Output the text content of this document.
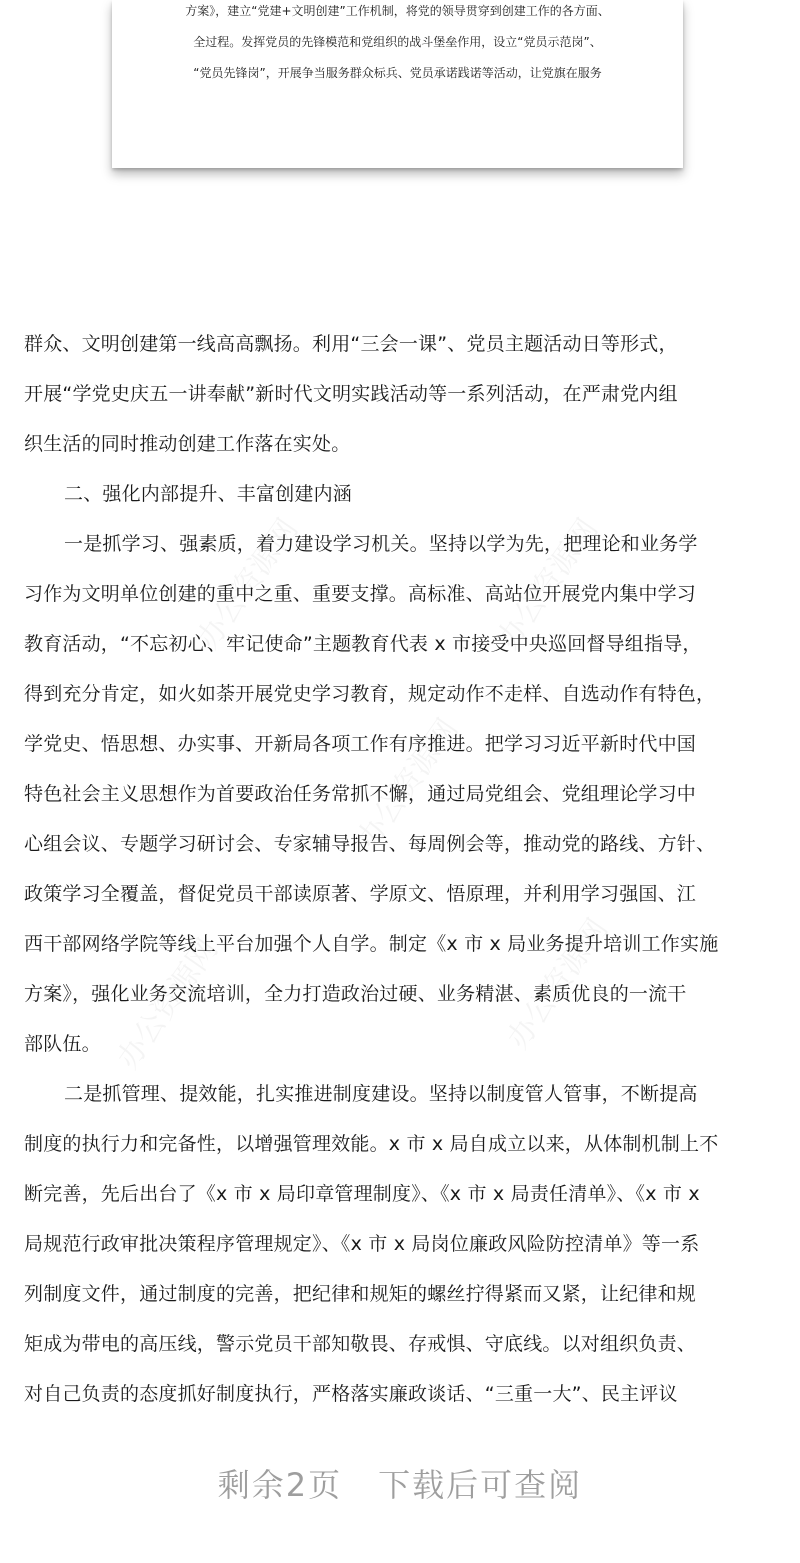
方案》，建立“党建+文明创建”工作机制，将党的领导贯穿到创建工作的各方面、
全过程。发挥党员的先锋模范和党组织的战斗堡垒作用，设立“党员示范岗”、
“党员先锋岗”，开展争当服务群众标兵、党员承诺践诺等活动，让党旗在服务
群众、文明创建第一线高高飘扬。利用“三会一课”、党员主题活动日等形式，
开展“学党史庆五一讲奉献”新时代文明实践活动等一系列活动，在严肃党内组
织生活的同时推动创建工作落在实处。
二、强化内部提升、丰富创建内涵
一是抓学习、强素质，着力建设学习机关。坚持以学为先，把理论和业务学
习作为文明单位创建的重中之重、重要支撑。高标准、高站位开展党内集中学习
教育活动，“不忘初心、牢记使命”主题教育代表 x 市接受中央巡回督导组指导，
得到充分肯定，如火如荼开展党史学习教育，规定动作不走样、自选动作有特色，
学党史、悟思想、办实事、开新局各项工作有序推进。把学习习近平新时代中国
特色社会主义思想作为首要政治任务常抓不懈，通过局党组会、党组理论学习中
心组会议、专题学习研讨会、专家辅导报告、每周例会等，推动党的路线、方针、
政策学习全覆盖，督促党员干部读原著、学原文、悟原理，并利用学习强国、江
西干部网络学院等线上平台加强个人自学。制定《x 市 x 局业务提升培训工作实施
方案》，强化业务交流培训，全力打造政治过硬、业务精湛、素质优良的一流干
部队伍。
二是抓管理、提效能，扎实推进制度建设。坚持以制度管人管事，不断提高
制度的执行力和完备性，以增强管理效能。x 市 x 局自成立以来，从体制机制上不
断完善，先后出台了《x 市 x 局印章管理制度》、《x 市 x 局责任清单》、《x 市 x
局规范行政审批决策程序管理规定》、《x 市 x 局岗位廉政风险防控清单》等一系
列制度文件，通过制度的完善，把纪律和规矩的螺丝拧得紧而又紧，让纪律和规
矩成为带电的高压线，警示党员干部知敬畏、存戒惧、守底线。以对组织负责、
对自己负责的态度抓好制度执行，严格落实廉政谈话、“三重一大”、民主评议
剩余2页 下载后可查阅
